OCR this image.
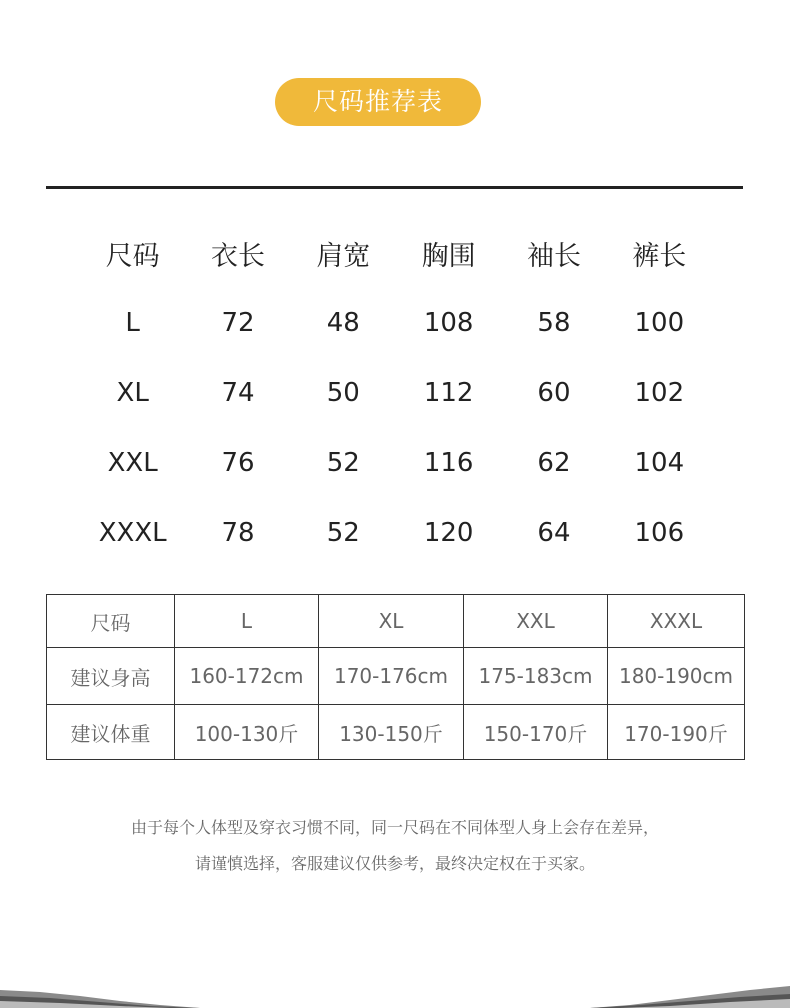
尺码推荐表
尺码	衣长	肩宽	胸围	袖长	裤长
L	72	48	108	58	100
XL	74	50	112	60	102
XXL	76	52	116	62	104
XXXL	78	52	120	64	106
尺码	L	XL	XXL	XXXL
建议身高	160-172cm	170-176cm	175-183cm	180-190cm
建议体重	100-130斤	130-150斤	150-170斤	170-190斤
由于每个人体型及穿衣习惯不同，同一尺码在不同体型人身上会存在差异，
请谨慎选择，客服建议仅供参考，最终决定权在于买家。
